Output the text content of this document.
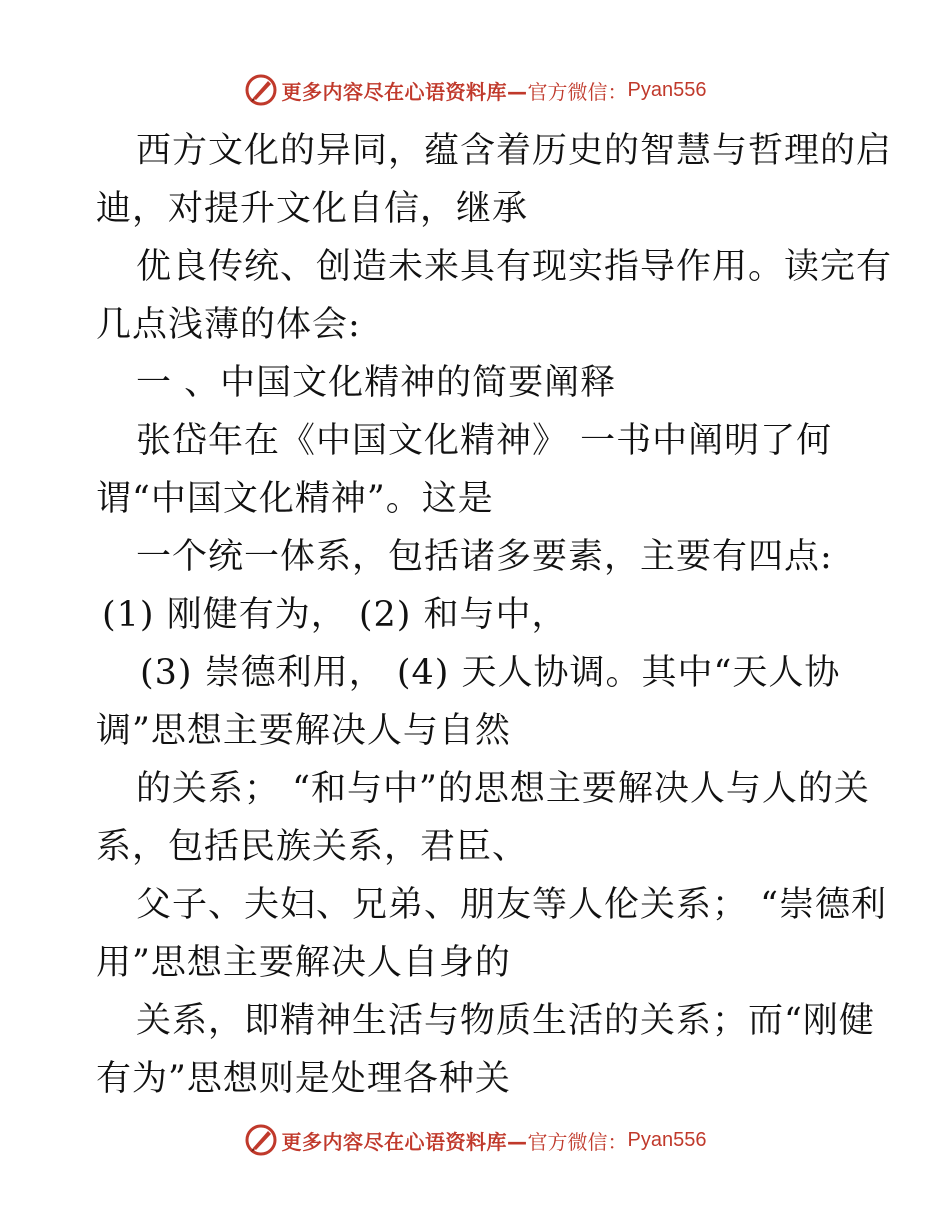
更多内容尽在心语资料库— 官方微信： Pyan556
西方文化的异同，蕴含着历史的智慧与哲理的启
迪，对提升文化自信，继承
优良传统、创造未来具有现实指导作用。读完有
几点浅薄的体会:
一 、中国文化精神的简要阐释
张岱年在《中国文化精神》 一书中阐明了何
谓“中国文化精神”。这是
一个统一体系，包括诸多要素，主要有四点:
(1) 刚健有为， (2) 和与中，
(3) 崇德利用， (4) 天人协调。其中“天人协
调”思想主要解决人与自然
的关系； “和与中”的思想主要解决人与人的关
系，包括民族关系，君臣、
父子、夫妇、兄弟、朋友等人伦关系； “崇德利
用”思想主要解决人自身的
关系，即精神生活与物质生活的关系；而“刚健
有为”思想则是处理各种关
更多内容尽在心语资料库— 官方微信： Pyan556
